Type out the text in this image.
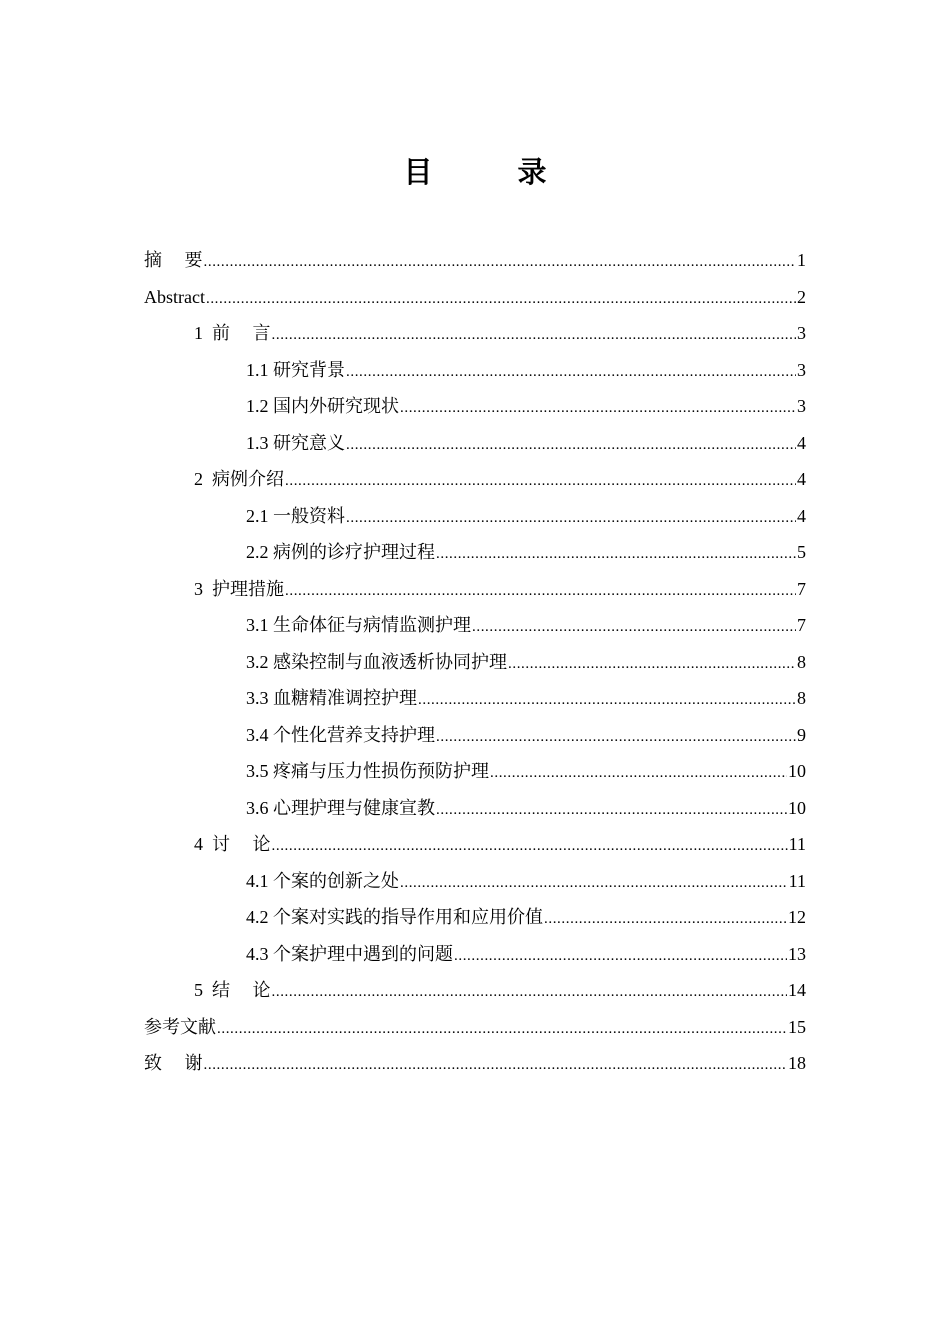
目　录
摘　 要 .....	1
Abstract .....	2
1  前　 言 .....	3
1.1 研究背景 .....	3
1.2 国内外研究现状 .....	3
1.3 研究意义 .....	4
2  病例介绍 .....	4
2.1 一般资料 .....	4
2.2 病例的诊疗护理过程 .....	5
3  护理措施 .....	7
3.1 生命体征与病情监测护理 .....	7
3.2 感染控制与血液透析协同护理 .....	8
3.3 血糖精准调控护理 .....	8
3.4 个性化营养支持护理 .....	9
3.5 疼痛与压力性损伤预防护理 .....	10
3.6 心理护理与健康宣教 .....	10
4  讨　 论 .....	11
4.1 个案的创新之处 .....	11
4.2 个案对实践的指导作用和应用价值 .....	12
4.3 个案护理中遇到的问题 .....	13
5  结　 论 .....	14
参考文献 .....	15
致　 谢 .....	18
